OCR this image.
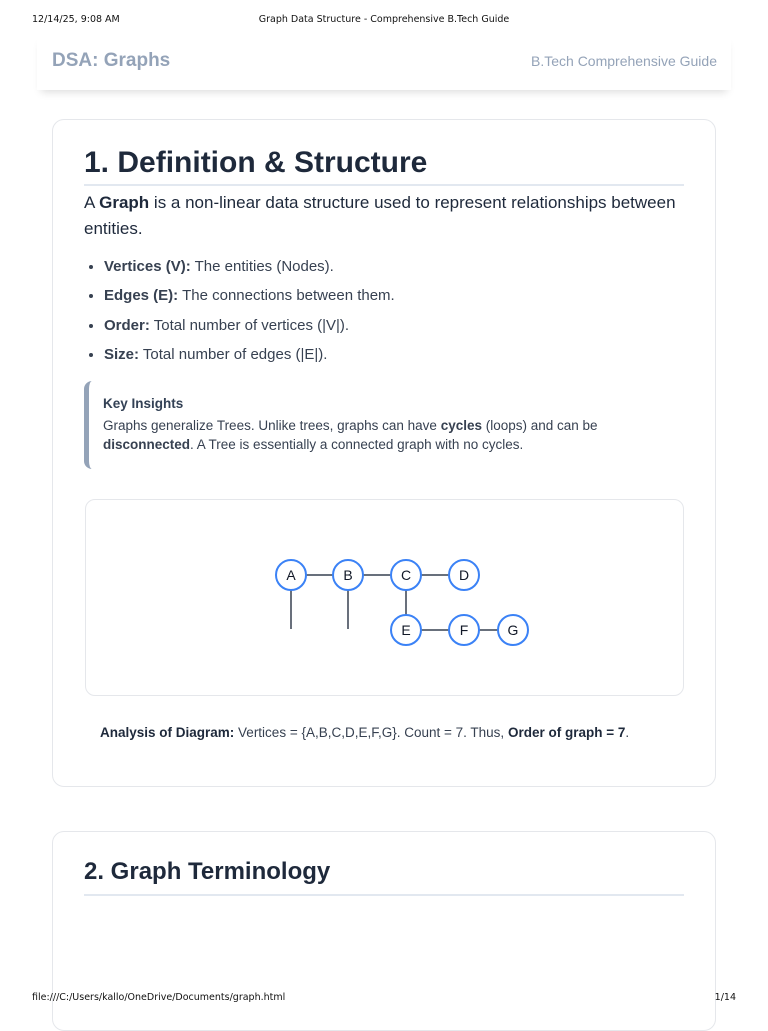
12/14/25, 9:08 AM	Graph Data Structure - Comprehensive B.Tech Guide
DSA: Graphs	B.Tech Comprehensive Guide
1. Definition & Structure

A Graph is a non-linear data structure used to represent relationships between entities.

• Vertices (V): The entities (Nodes).
• Edges (E): The connections between them.
• Order: Total number of vertices (|V|).
• Size: Total number of edges (|E|).
Key Insights
Graphs generalize Trees. Unlike trees, graphs can have cycles (loops) and can be disconnected. A Tree is essentially a connected graph with no cycles.
A	B	C	D
E	F	G
Analysis of Diagram: Vertices = {A,B,C,D,E,F,G}. Count = 7. Thus, Order of graph = 7.
2. Graph Terminology
file:///C:/Users/kallo/OneDrive/Documents/graph.html	1/14
